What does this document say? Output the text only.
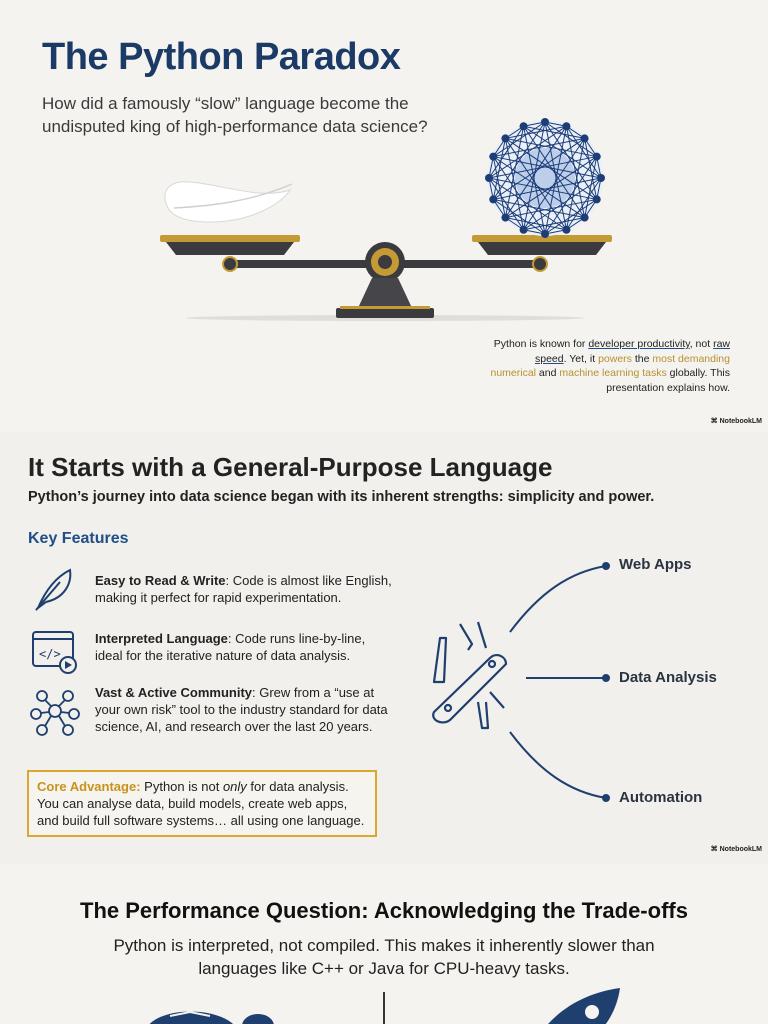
The Python Paradox
How did a famously “slow” language become the undisputed king of high-performance data science?
Python is known for developer productivity, not raw speed. Yet, it powers the most demanding numerical and machine learning tasks globally. This presentation explains how.
⌘ NotebookLM
It Starts with a General-Purpose Language
Python’s journey into data science began with its inherent strengths: simplicity and power.
Key Features
Easy to Read & Write: Code is almost like English, making it perfect for rapid experimentation.
</>
Interpreted Language: Code runs line-by-line, ideal for the iterative nature of data analysis.
Vast & Active Community: Grew from a “use at your own risk” tool to the industry standard for data science, AI, and research over the last 20 years.
Core Advantage: Python is not only for data analysis. You can analyse data, build models, create web apps, and build full software systems… all using one language.
Web Apps
Data Analysis
Automation
⌘ NotebookLM
The Performance Question: Acknowledging the Trade-offs
Python is interpreted, not compiled. This makes it inherently slower than languages like C++ or Java for CPU-heavy tasks.
